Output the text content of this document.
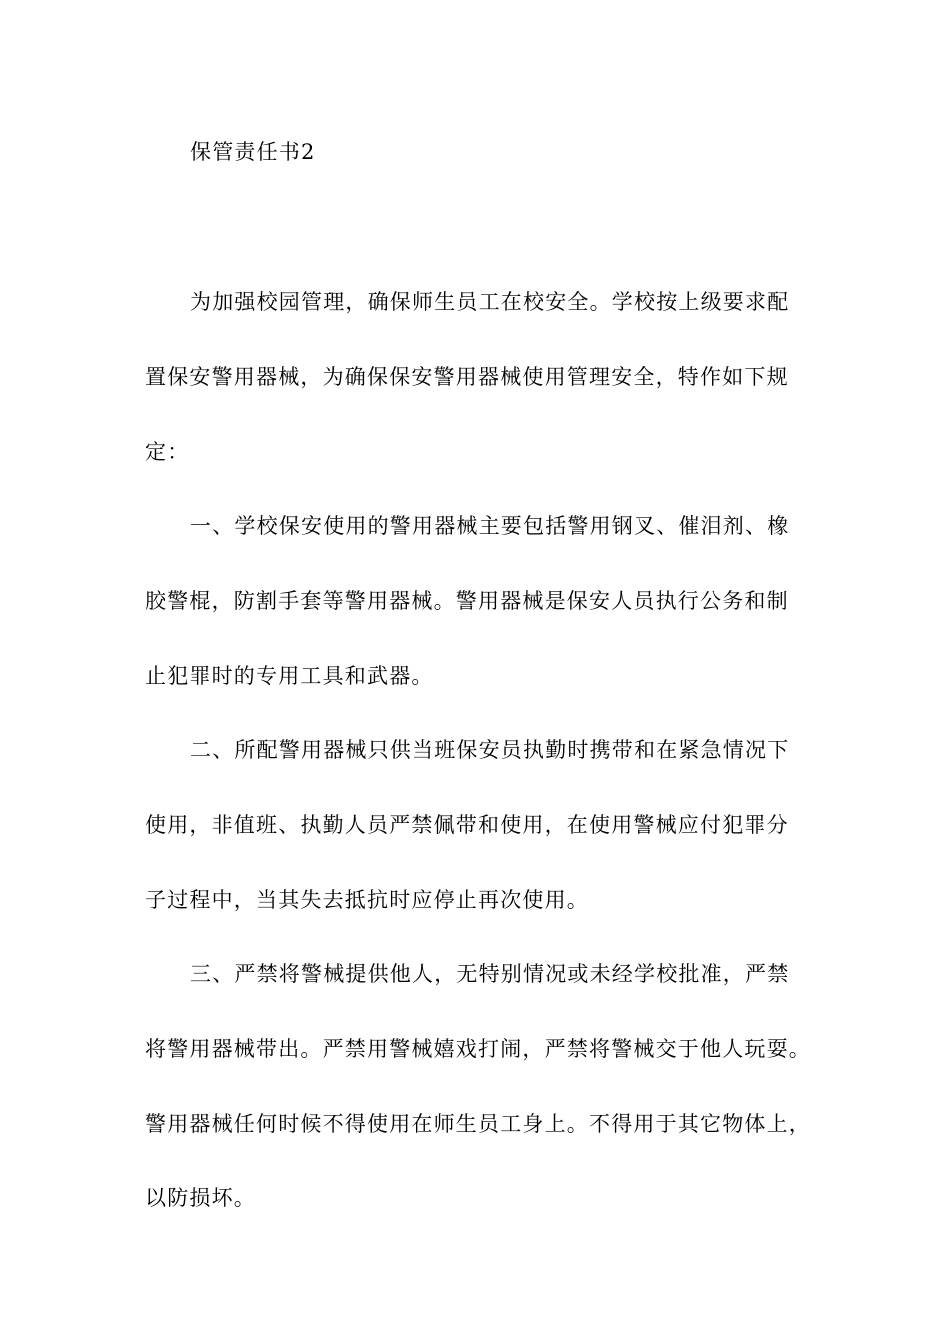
保管责任书2
为加强校园管理，确保师生员工在校安全。学校按上级要求配
置保安警用器械，为确保保安警用器械使用管理安全，特作如下规
定：
一、学校保安使用的警用器械主要包括警用钢叉、催泪剂、橡
胶警棍，防割手套等警用器械。警用器械是保安人员执行公务和制
止犯罪时的专用工具和武器。
二、所配警用器械只供当班保安员执勤时携带和在紧急情况下
使用，非值班、执勤人员严禁佩带和使用，在使用警械应付犯罪分
子过程中，当其失去抵抗时应停止再次使用。
三、严禁将警械提供他人，无特别情况或未经学校批准，严禁
将警用器械带出。严禁用警械嬉戏打闹，严禁将警械交于他人玩耍。
警用器械任何时候不得使用在师生员工身上。不得用于其它物体上，
以防损坏。
